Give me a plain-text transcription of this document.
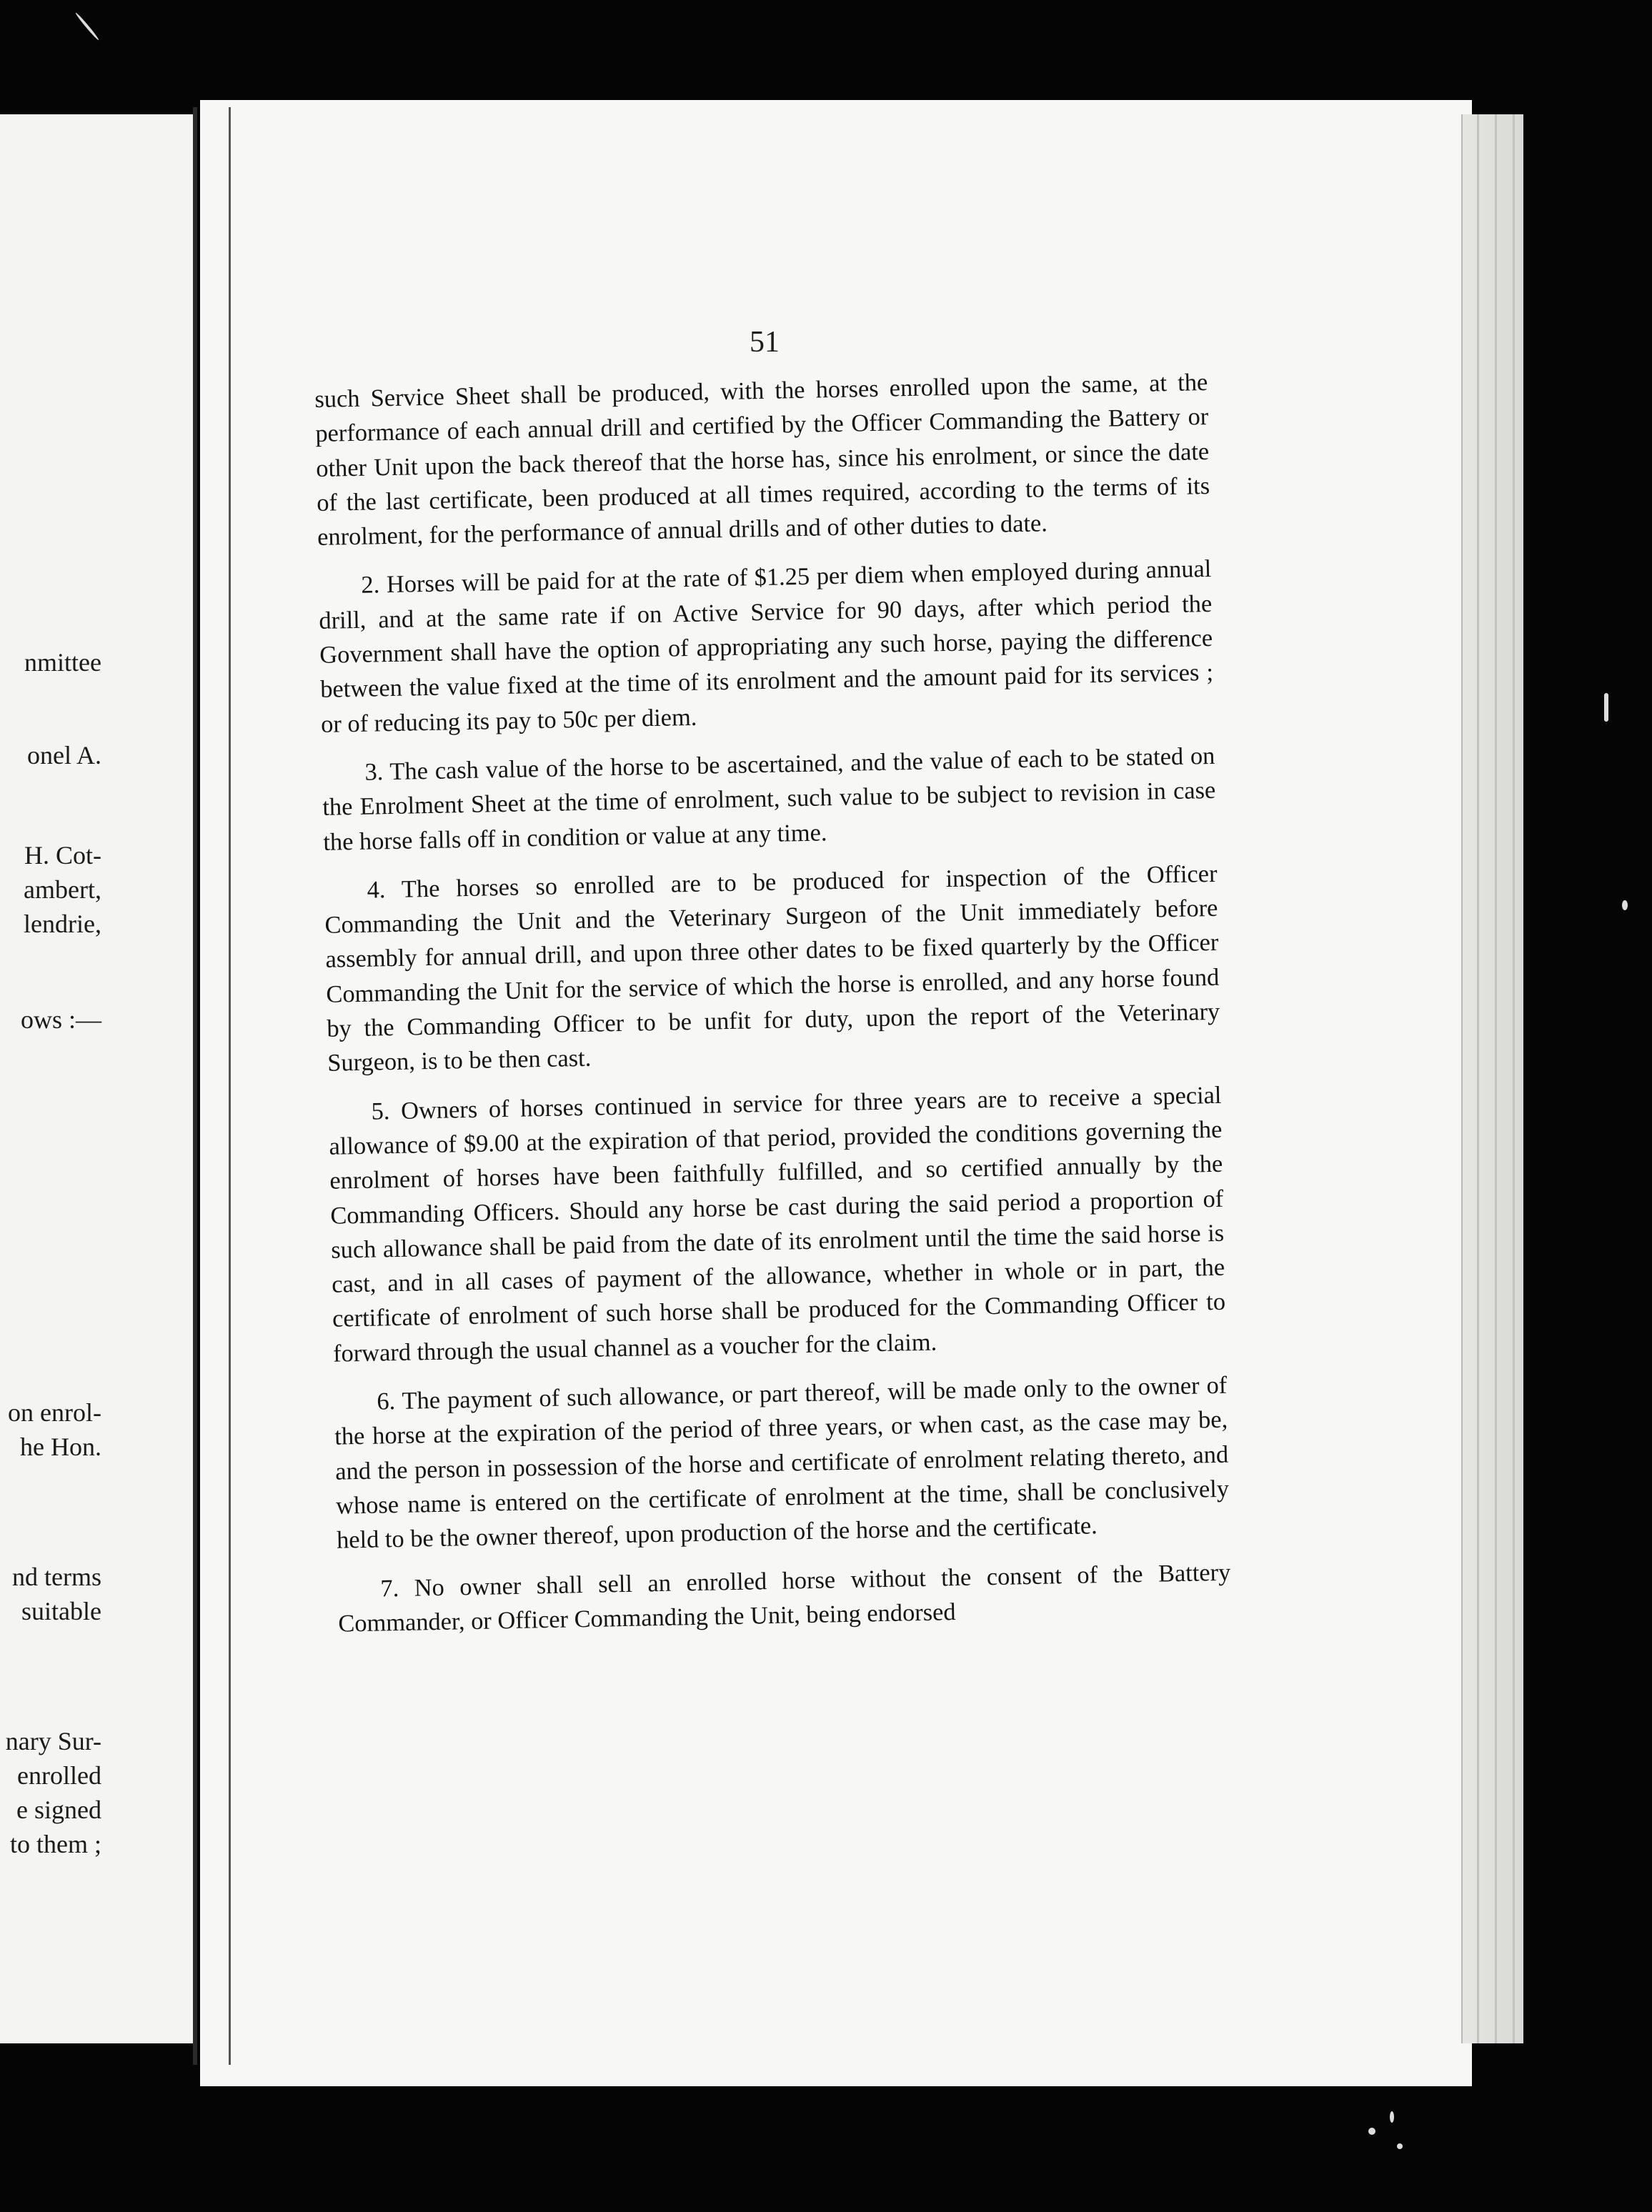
nmittee
onel A.
H. Cot-
ambert,
lendrie,
ows :—
on enrol-
he Hon.
nd terms
suitable
nary Sur-
enrolled
e signed
to them ;
51

such Service Sheet shall be produced, with the horses enrolled upon the same, at the performance of each annual drill and certified by the Officer Commanding the Battery or other Unit upon the back thereof that the horse has, since his enrolment, or since the date of the last certificate, been produced at all times required, according to the terms of its enrolment, for the performance of annual drills and of other duties to date.

2. Horses will be paid for at the rate of $1.25 per diem when employed during annual drill, and at the same rate if on Active Service for 90 days, after which period the Government shall have the option of appropriating any such horse, paying the difference between the value fixed at the time of its enrolment and the amount paid for its services ; or of reducing its pay to 50c per diem.

3. The cash value of the horse to be ascertained, and the value of each to be stated on the Enrolment Sheet at the time of enrolment, such value to be subject to revision in case the horse falls off in condition or value at any time.

4. The horses so enrolled are to be produced for inspection of the Officer Commanding the Unit and the Veterinary Surgeon of the Unit immediately before assembly for annual drill, and upon three other dates to be fixed quarterly by the Officer Commanding the Unit for the service of which the horse is enrolled, and any horse found by the Commanding Officer to be unfit for duty, upon the report of the Veterinary Surgeon, is to be then cast.

5. Owners of horses continued in service for three years are to receive a special allowance of $9.00 at the expiration of that period, provided the conditions governing the enrolment of horses have been faithfully fulfilled, and so certified annually by the Commanding Officers. Should any horse be cast during the said period a proportion of such allowance shall be paid from the date of its enrolment until the time the said horse is cast, and in all cases of payment of the allowance, whether in whole or in part, the certificate of enrolment of such horse shall be produced for the Commanding Officer to forward through the usual channel as a voucher for the claim.

6. The payment of such allowance, or part thereof, will be made only to the owner of the horse at the expiration of the period of three years, or when cast, as the case may be, and the person in possession of the horse and certificate of enrolment relating thereto, and whose name is entered on the certificate of enrolment at the time, shall be conclusively held to be the owner thereof, upon production of the horse and the certificate.

7. No owner shall sell an enrolled horse without the consent of the Battery Commander, or Officer Commanding the Unit, being endorsed
